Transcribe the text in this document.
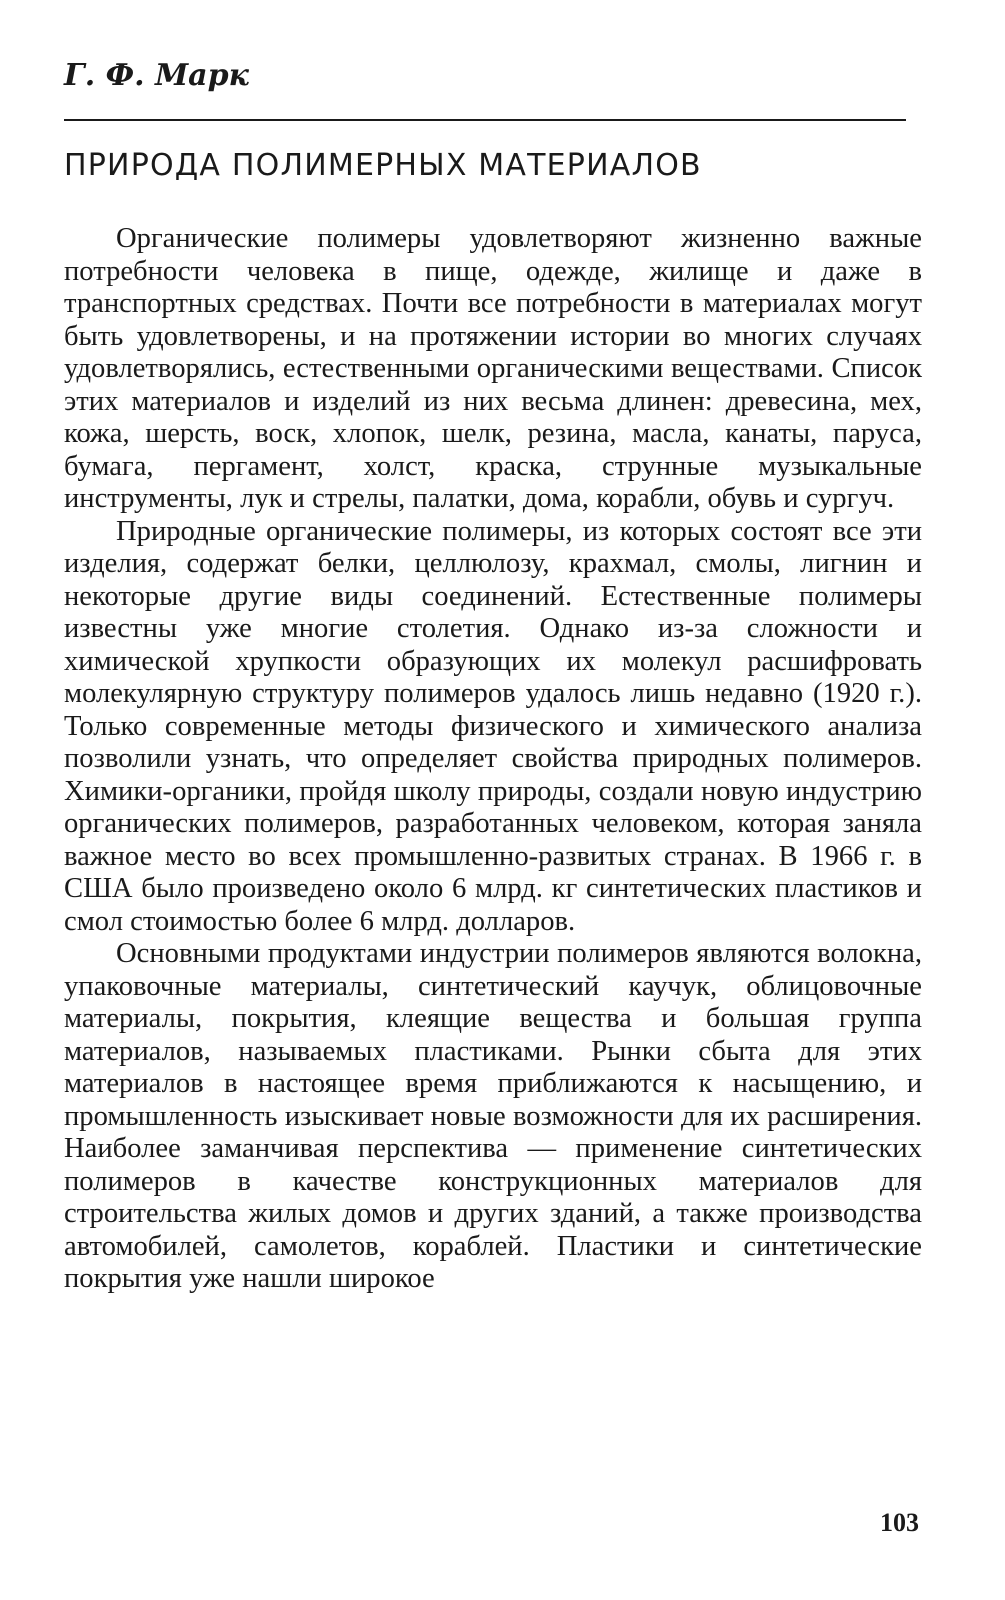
Г. Ф. Марк
ПРИРОДА ПОЛИМЕРНЫХ МАТЕРИАЛОВ

Органические полимеры удовлетворяют жизненно важные потребности человека в пище, одежде, жилище и даже в транспортных средствах. Почти все потребности в материалах могут быть удовлетворены, и на протяжении истории во многих случаях удовлетворялись, естественными органическими веществами. Список этих материалов и изделий из них весьма длинен: древесина, мех, кожа, шерсть, воск, хлопок, шелк, резина, масла, канаты, паруса, бумага, пергамент, холст, краска, струнные музыкальные инструменты, лук и стрелы, палатки, дома, корабли, обувь и сургуч.

Природные органические полимеры, из которых состоят все эти изделия, содержат белки, целлюлозу, крахмал, смолы, лигнин и некоторые другие виды соединений. Естественные полимеры известны уже многие столетия. Однако из-за сложности и химической хрупкости образующих их молекул расшифровать молекулярную структуру полимеров удалось лишь недавно (1920 г.). Только современные методы физического и химического анализа позволили узнать, что определяет свойства природных полимеров. Химики-органики, пройдя школу природы, создали новую индустрию органических полимеров, разработанных человеком, которая заняла важное место во всех промышленно-развитых странах. В 1966 г. в США было произведено около 6 млрд. кг синтетических пластиков и смол стоимостью более 6 млрд. долларов.

Основными продуктами индустрии полимеров являются волокна, упаковочные материалы, синтетический каучук, облицовочные материалы, покрытия, клеящие вещества и большая группа материалов, называемых пластиками. Рынки сбыта для этих материалов в настоящее время приближаются к насыщению, и промышленность изыскивает новые возможности для их расширения. Наиболее заманчивая перспектива — применение синтетических полимеров в качестве конструкционных материалов для строительства жилых домов и других зданий, а также производства автомобилей, самолетов, кораблей. Пластики и синтетические покрытия уже нашли широкое

103
